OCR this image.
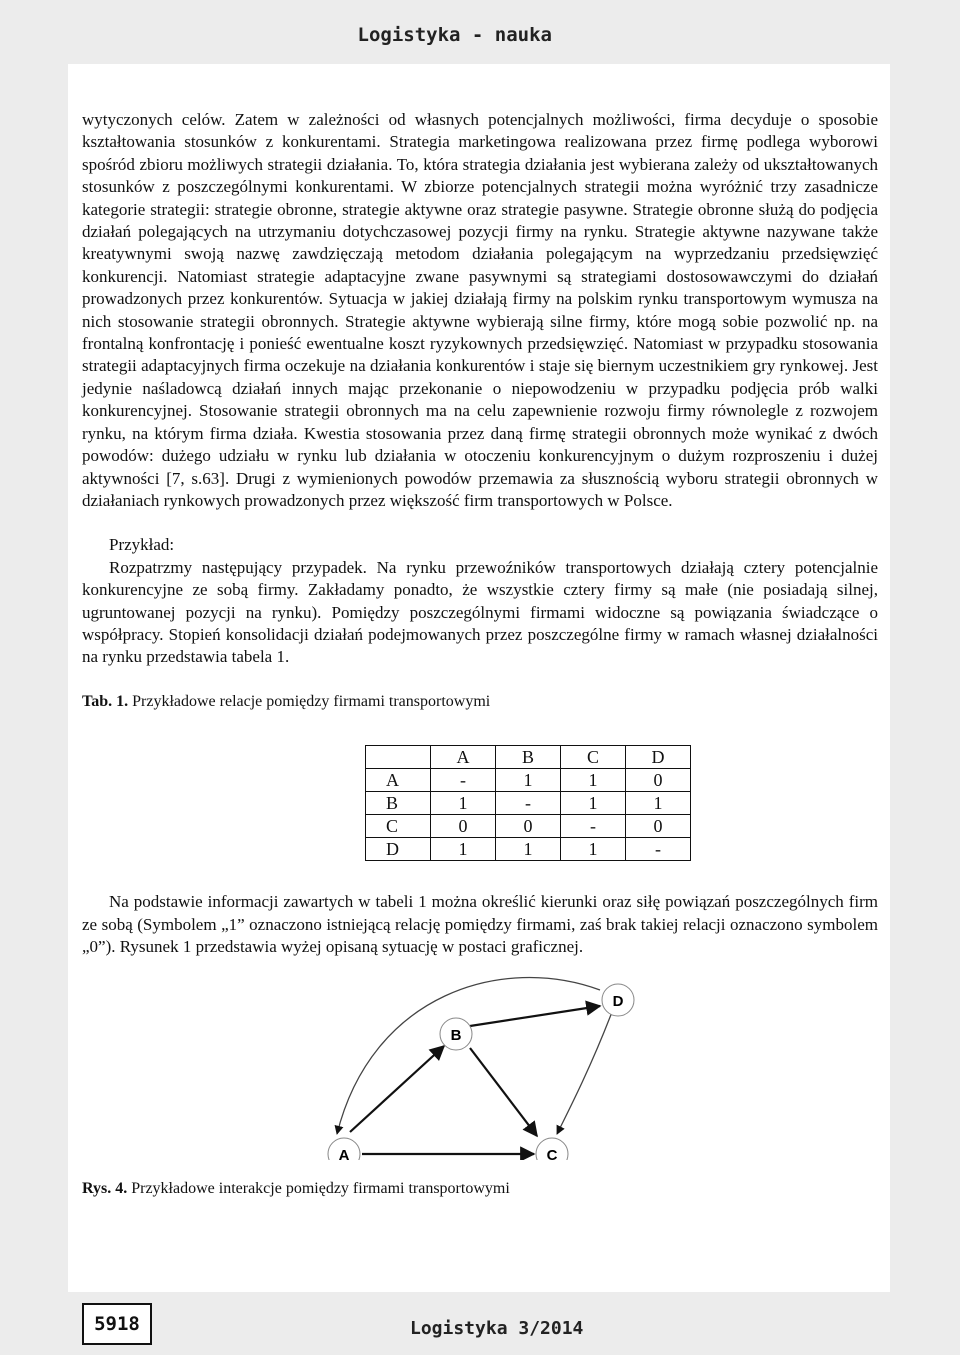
Logistyka - nauka

wytyczonych celów. Zatem w zależności od własnych potencjalnych możliwości, firma decyduje o sposobie kształtowania stosunków z konkurentami. Strategia marketingowa realizowana przez firmę podlega wyborowi spośród zbioru możliwych strategii działania. To, która strategia działania jest wybierana zależy od ukształtowanych stosunków z poszczególnymi konkurentami. W zbiorze potencjalnych strategii można wyróżnić trzy zasadnicze kategorie strategii: strategie obronne, strategie aktywne oraz strategie pasywne. Strategie obronne służą do podjęcia działań polegających na utrzymaniu dotychczasowej pozycji firmy na rynku. Strategie aktywne nazywane także kreatywnymi swoją nazwę zawdzięczają metodom działania polegającym na wyprzedzaniu przedsięwzięć konkurencji. Natomiast strategie adaptacyjne zwane pasywnymi są strategiami dostosowawczymi do działań prowadzonych przez konkurentów. Sytuacja w jakiej działają firmy na polskim rynku transportowym wymusza na nich stosowanie strategii obronnych. Strategie aktywne wybierają silne firmy, które mogą sobie pozwolić np. na frontalną konfrontację i ponieść ewentualne koszt ryzykownych przedsięwzięć. Natomiast w przypadku stosowania strategii adaptacyjnych firma oczekuje na działania konkurentów i staje się biernym uczestnikiem gry rynkowej. Jest jedynie naśladowcą działań innych mając przekonanie o niepowodzeniu w przypadku podjęcia prób walki konkurencyjnej. Stosowanie strategii obronnych ma na celu zapewnienie rozwoju firmy równolegle z rozwojem rynku, na którym firma działa. Kwestia stosowania przez daną firmę strategii obronnych może wynikać z dwóch powodów: dużego udziału w rynku lub działania w otoczeniu konkurencyjnym o dużym rozproszeniu i dużej aktywności [7, s.63]. Drugi z wymienionych powodów przemawia za słusznością wyboru strategii obronnych w działaniach rynkowych prowadzonych przez większość firm transportowych w Polsce.

Przykład:

Rozpatrzmy następujący przypadek. Na rynku przewoźników transportowych działają cztery potencjalnie konkurencyjne ze sobą firmy. Zakładamy ponadto, że wszystkie cztery firmy są małe (nie posiadają silnej, ugruntowanej pozycji na rynku). Pomiędzy poszczególnymi firmami widoczne są powiązania świadczące o współpracy. Stopień konsolidacji działań podejmowanych przez poszczególne firmy w ramach własnej działalności na rynku przedstawia tabela 1.

Tab. 1. Przykładowe relacje pomiędzy firmami transportowymi

	A	B	C	D
A	-	1	1	0
B	1	-	1	1
C	0	0	-	0
D	1	1	1	-

Na podstawie informacji zawartych w tabeli 1 można określić kierunki oraz siłę powiązań poszczególnych firm ze sobą (Symbolem „1” oznaczono istniejącą relację pomiędzy firmami, zaś brak takiej relacji oznaczono symbolem „0”). Rysunek 1 przedstawia wyżej opisaną sytuację w postaci graficznej.

A
B
C
D

Rys. 4. Przykładowe interakcje pomiędzy firmami transportowymi

5918	Logistyka 3/2014
